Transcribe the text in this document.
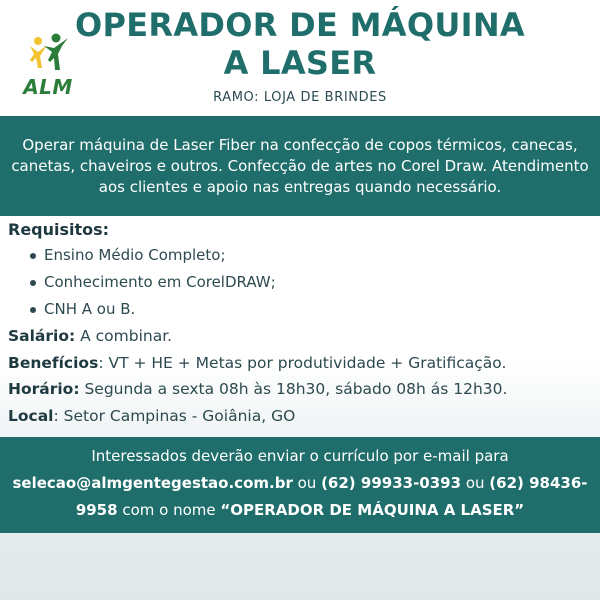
ALM
OPERADOR DE MÁQUINA
A LASER
RAMO: LOJA DE BRINDES
Operar máquina de Laser Fiber na confecção de copos térmicos, canecas, canetas, chaveiros e outros. Confecção de artes no Corel Draw. Atendimento aos clientes e apoio nas entregas quando necessário.
Requisitos:
Ensino Médio Completo;
Conhecimento em CorelDRAW;
CNH A ou B.
Salário: A combinar.
Benefícios: VT + HE + Metas por produtividade + Gratificação.
Horário: Segunda a sexta 08h às 18h30, sábado 08h ás 12h30.
Local: Setor Campinas - Goiânia, GO
Interessados deverão enviar o currículo por e-mail para
selecao@almgentegestao.com.br ou (62) 99933-0393 ou (62) 98436-9958 com o nome “OPERADOR DE MÁQUINA A LASER”
